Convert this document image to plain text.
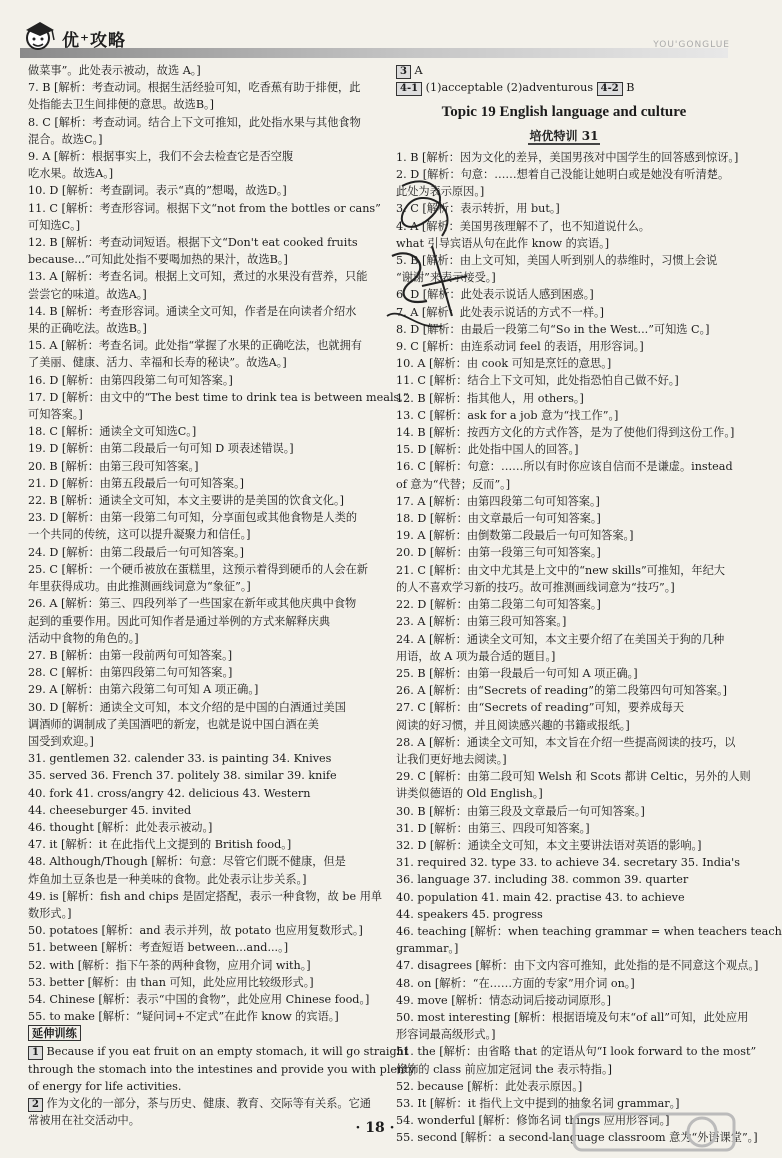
优⁺攻略	YOU'GONGLUE
做菜事”。此处表示被动，故选 A。]
7. B [解析：考查动词。根据生活经验可知，吃香蕉有助于排便，此
处指能去卫生间排便的意思。故选B。]
8. C [解析：考查动词。结合上下文可推知，此处指水果与其他食物
混合。故选C。]
9. A [解析：根据事实上，我们不会去检查它是否空腹
吃水果。故选A。]
10. D [解析：考查副词。表示“真的”想喝，故选D。]
11. C [解析：考查形容词。根据下文“not from the bottles or cans”
可知选C。]
12. B [解析：考查动词短语。根据下文“Don't eat cooked fruits
because...”可知此处指不要喝加热的果汁，故选B。]
13. A [解析：考查名词。根据上文可知，煮过的水果没有营养，只能
尝尝它的味道。故选A。]
14. B [解析：考查形容词。通读全文可知，作者是在向读者介绍水
果的正确吃法。故选B。]
15. A [解析：考查名词。此处指“掌握了水果的正确吃法，也就拥有
了美丽、健康、活力、幸福和长寿的秘诀”。故选A。]
16. D [解析：由第四段第二句可知答案。]
17. D [解析：由文中的“The best time to drink tea is between meals.”
可知答案。]
18. C [解析：通读全文可知选C。]
19. D [解析：由第二段最后一句可知 D 项表述错误。]
20. B [解析：由第三段可知答案。]
21. D [解析：由第五段最后一句可知答案。]
22. B [解析：通读全文可知，本文主要讲的是美国的饮食文化。]
23. D [解析：由第一段第二句可知，分享面包或其他食物是人类的
一个共同的传统，这可以提升凝聚力和信任。]
24. D [解析：由第二段最后一句可知答案。]
25. C [解析：一个硬币被放在蛋糕里，这预示着得到硬币的人会在新
年里获得成功。由此推测画线词意为“象征”。]
26. A [解析：第三、四段列举了一些国家在新年或其他庆典中食物
起到的重要作用。因此可知作者是通过举例的方式来解释庆典
活动中食物的角色的。]
27. B [解析：由第一段前两句可知答案。]
28. C [解析：由第四段第二句可知答案。]
29. A [解析：由第六段第二句可知 A 项正确。]
30. D [解析：通读全文可知，本文介绍的是中国的白酒通过美国
调酒师的调制成了美国酒吧的新宠，也就是说中国白酒在美
国受到欢迎。]
31. gentlemen 32. calender 33. is painting 34. Knives
35. served 36. French 37. politely 38. similar 39. knife
40. fork 41. cross/angry 42. delicious 43. Western
44. cheeseburger 45. invited
46. thought [解析：此处表示被动。]
47. it [解析：it 在此指代上文提到的 British food。]
48. Although/Though [解析：句意：尽管它们既不健康，但是
炸鱼加土豆条也是一种美味的食物。此处表示让步关系。]
49. is [解析：fish and chips 是固定搭配，表示一种食物，故 be 用单
数形式。]
50. potatoes [解析：and 表示并列，故 potato 也应用复数形式。]
51. between [解析：考查短语 between...and...。]
52. with [解析：指下午茶的两种食物，应用介词 with。]
53. better [解析：由 than 可知，此处应用比较级形式。]
54. Chinese [解析：表示“中国的食物”，此处应用 Chinese food。]
55. to make [解析：“疑问词+不定式”在此作 know 的宾语。]
延伸训练
1 Because if you eat fruit on an empty stomach, it will go straight
through the stomach into the intestines and provide you with plenty
of energy for life activities.
2 作为文化的一部分，茶与历史、健康、教育、交际等有关系。它通
常被用在社交活动中。
3 A
4-1 (1)acceptable (2)adventurous 4-2 B
Topic 19 English language and culture
培优特训 31
1. B [解析：因为文化的差异，美国男孩对中国学生的回答感到惊讶。]
2. D [解析：句意：……想着自己没能让她明白或是她没有听清楚。
此处为表示原因。]
3. C [解析：表示转折，用 but。]
4. A [解析：美国男孩理解不了，也不知道说什么。
what 引导宾语从句在此作 know 的宾语。]
5. B [解析：由上文可知，美国人听到别人的恭维时，习惯上会说
“谢谢”来表示接受。]
6. D [解析：此处表示说话人感到困惑。]
7. A [解析：此处表示说话的方式不一样。]
8. D [解析：由最后一段第二句“So in the West...”可知选 C。]
9. C [解析：由连系动词 feel 的表语，用形容词。]
10. A [解析：由 cook 可知是烹饪的意思。]
11. C [解析：结合上下文可知，此处指恐怕自己做不好。]
12. B [解析：指其他人，用 others。]
13. C [解析：ask for a job 意为“找工作”。]
14. B [解析：按西方文化的方式作答，是为了使他们得到这份工作。]
15. D [解析：此处指中国人的回答。]
16. C [解析：句意：……所以有时你应该自信而不是谦虚。instead
of 意为“代替；反而”。]
17. A [解析：由第四段第二句可知答案。]
18. D [解析：由文章最后一句可知答案。]
19. A [解析：由倒数第二段最后一句可知答案。]
20. D [解析：由第一段第三句可知答案。]
21. C [解析：由文中尤其是上文中的“new skills”可推知，年纪大
的人不喜欢学习新的技巧。故可推测画线词意为“技巧”。]
22. D [解析：由第二段第二句可知答案。]
23. A [解析：由第三段可知答案。]
24. A [解析：通读全文可知，本文主要介绍了在美国关于狗的几种
用语，故 A 项为最合适的题目。]
25. B [解析：由第一段最后一句可知 A 项正确。]
26. A [解析：由“Secrets of reading”的第二段第四句可知答案。]
27. C [解析：由“Secrets of reading”可知，要养成每天
阅读的好习惯，并且阅读感兴趣的书籍或报纸。]
28. A [解析：通读全文可知，本文旨在介绍一些提高阅读的技巧，以
让我们更好地去阅读。]
29. C [解析：由第二段可知 Welsh 和 Scots 都讲 Celtic，另外的人则
讲类似德语的 Old English。]
30. B [解析：由第三段及文章最后一句可知答案。]
31. D [解析：由第三、四段可知答案。]
32. D [解析：通读全文可知，本文主要讲法语对英语的影响。]
31. required 32. type 33. to achieve 34. secretary 35. India's
36. language 37. including 38. common 39. quarter
40. population 41. main 42. practise 43. to achieve
44. speakers 45. progress
46. teaching [解析：when teaching grammar = when teachers teach
grammar。]
47. disagrees [解析：由下文内容可推知，此处指的是不同意这个观点。]
48. on [解析：“在……方面的专家”用介词 on。]
49. move [解析：情态动词后接动词原形。]
50. most interesting [解析：根据语境及句末“of all”可知，此处应用
形容词最高级形式。]
51. the [解析：由省略 that 的定语从句“I look forward to the most”
修饰的 class 前应加定冠词 the 表示特指。]
52. because [解析：此处表示原因。]
53. It [解析：it 指代上文中提到的抽象名词 grammar。]
54. wonderful [解析：修饰名词 things 应用形容词。]
55. second [解析：a second-language classroom 意为“外语课堂”。]
· 18 ·
